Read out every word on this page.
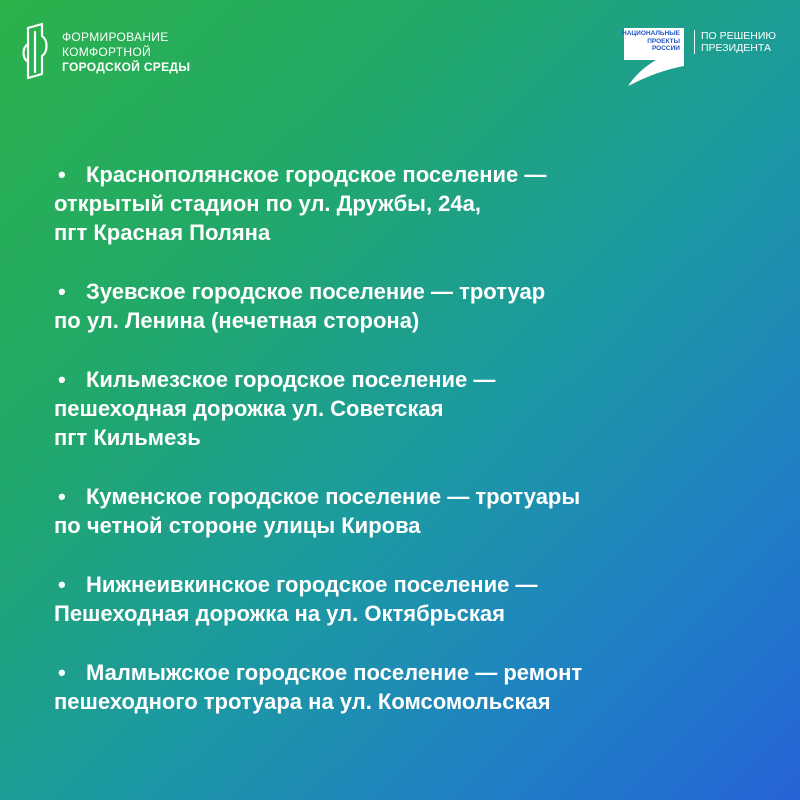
ФОРМИРОВАНИЕ
КОМФОРТНОЙ
ГОРОДСКОЙ СРЕДЫ
НАЦИОНАЛЬНЫЕ
ПРОЕКТЫ
РОССИИ
ПО РЕШЕНИЮ
ПРЕЗИДЕНТА
• Краснополянское городское поселение —
открытый стадион по ул. Дружбы, 24а,
пгт Красная Поляна
• Зуевское городское поселение — тротуар
по ул. Ленина (нечетная сторона)
• Кильмезское городское поселение —
пешеходная дорожка ул. Советская
пгт Кильмезь
• Куменское городское поселение — тротуары
по четной стороне улицы Кирова
• Нижнеивкинское городское поселение —
Пешеходная дорожка на ул. Октябрьская
• Малмыжское городское поселение — ремонт
пешеходного тротуара на ул. Комсомольская
